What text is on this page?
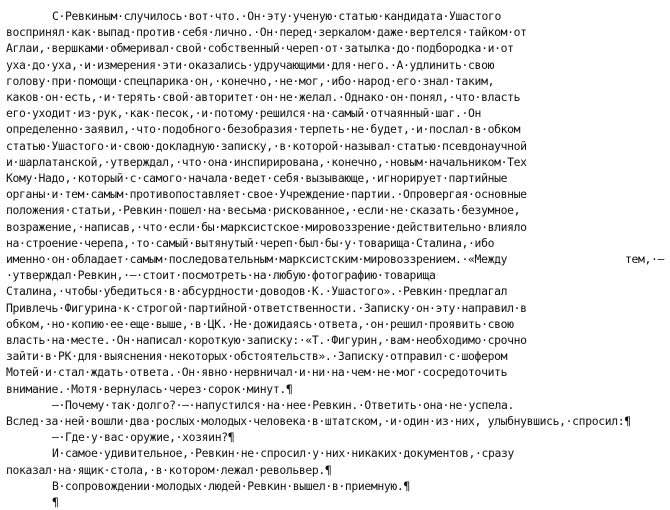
С·Ревкиным·случилось·вот·что.·Он·эту·ученую·статью·кандидата·Ушастого воспринял·как·выпад·против·себя·лично.·Он·перед·зеркалом·даже·вертелся·тайком·от Аглаи,·вершками·обмеривал·свой·собственный·череп·от·затылка·до·подбородка·и·от уха·до·уха,·и·измерения·эти·оказались·удручающими·для·него.·А·удлинить·свою голову·при·помощи·спецпарика·он,·конечно,·не·мог,·ибо·народ·его·знал·таким, каков·он·есть,·и·терять·свой·авторитет·он·не·желал.·Однако·он·понял,·что·власть его·уходит·из·рук,·как·песок,·и·потому·решился·на·самый·отчаянный·шаг.·Он определенно·заявил,·что·подобного·безобразия·терпеть·не·будет,·и·послал·в·обком статью·Ушастого·и·свою·докладную·записку,·в·которой·называл·статью·псевдонаучной и·шарлатанской,·утверждал,·что·она·инспирирована,·конечно,·новым·начальником·Тех Кому·Надо,·который·с·самого·начала·ведет·себя·вызывающе,·игнорирует·партийные органы·и·тем·самым·противопоставляет·свое·Учреждение·партии.·Опровергая·основные положения·статьи,·Ревкин·пошел·на·весьма·рискованное,·если·не·сказать·безумное, возражение,·написав,·что·если·бы·марксистское·мировоззрение·действительно·влияло на·строение·черепа,·то·самый·вытянутый·череп·был·бы·у·товарища·Сталина,·ибо именно·он·обладает·самым·последовательным·марксистским·мировоззрением.·«Между тем,·—·утверждал·Ревкин,·—·стоит·посмотреть·на·любую·фотографию·товарища Сталина,·чтобы·убедиться·в·абсурдности·доводов·К.·Ушастого».·Ревкин·предлагал Привлечь·Фигурина·к·строгой·партийной·ответственности.·Записку·он·эту·направил·в обком,·но·копию·ее·еще·выше,·в·ЦК.·Не·дожидаясь·ответа,·он·решил·проявить·свою власть·на·месте.·Он·написал·короткую·записку:·«Т.·Фигурин,·вам·необходимо·срочно зайти·в·РК·для·выяснения·некоторых·обстоятельств».·Записку·отправил·с·шофером Мотей·и·стал·ждать·ответа.·Он·явно·нервничал·и·ни·на·чем·не·мог·сосредоточить внимание.·Мотя·вернулась·через·сорок·минут.¶

—·Почему·так·долго?·—·напустился·на·нее·Ревкин.·Ответить·она·не·успела. Вслед·за·ней·вошли·два·рослых·молодых·человека·в·штатском,·и·один·из·них, улыбнувшись,·спросил:¶

—·Где·у·вас·оружие,·хозяин?¶

И·самое·удивительное,·Ревкин·не·спросил·у·них·никаких·документов,·сразу показал·на·ящик·стола,·в·котором·лежал·револьвер.¶

В·сопровождении·молодых·людей·Ревкин·вышел·в·приемную.¶

¶
